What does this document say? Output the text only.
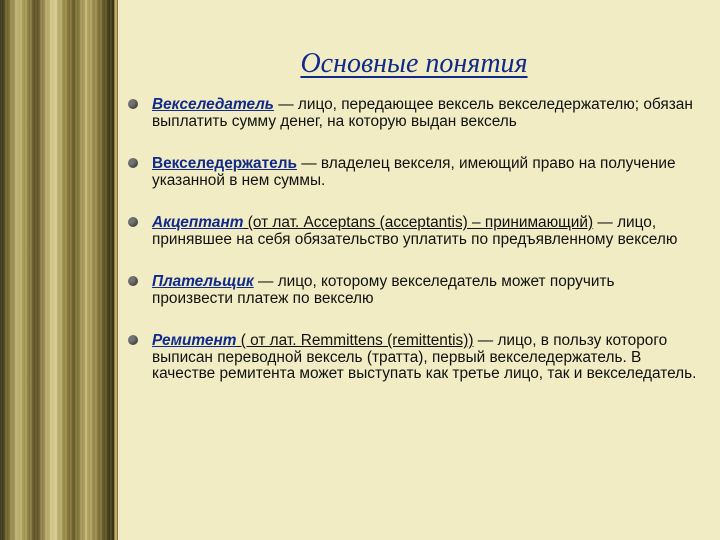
Основные понятия
Векселедатель — лицо, передающее вексель векселедержателю; обязан выплатить сумму денег, на которую выдан вексель
Векселедержатель — владелец векселя, имеющий право на получение указанной в нем суммы.
Акцептант (от лат. Acceptans (acceptantis) – принимающий) — лицо, принявшее на себя обязательство уплатить по предъявленному векселю
Плательщик — лицо, которому векселедатель может поручить произвести платеж по векселю
Ремитент ( от лат. Remmittens (remittentis)) — лицо, в пользу которого выписан переводной вексель (тратта), первый векселедержатель. В качестве ремитента может выступать как третье лицо, так и векселедатель.
